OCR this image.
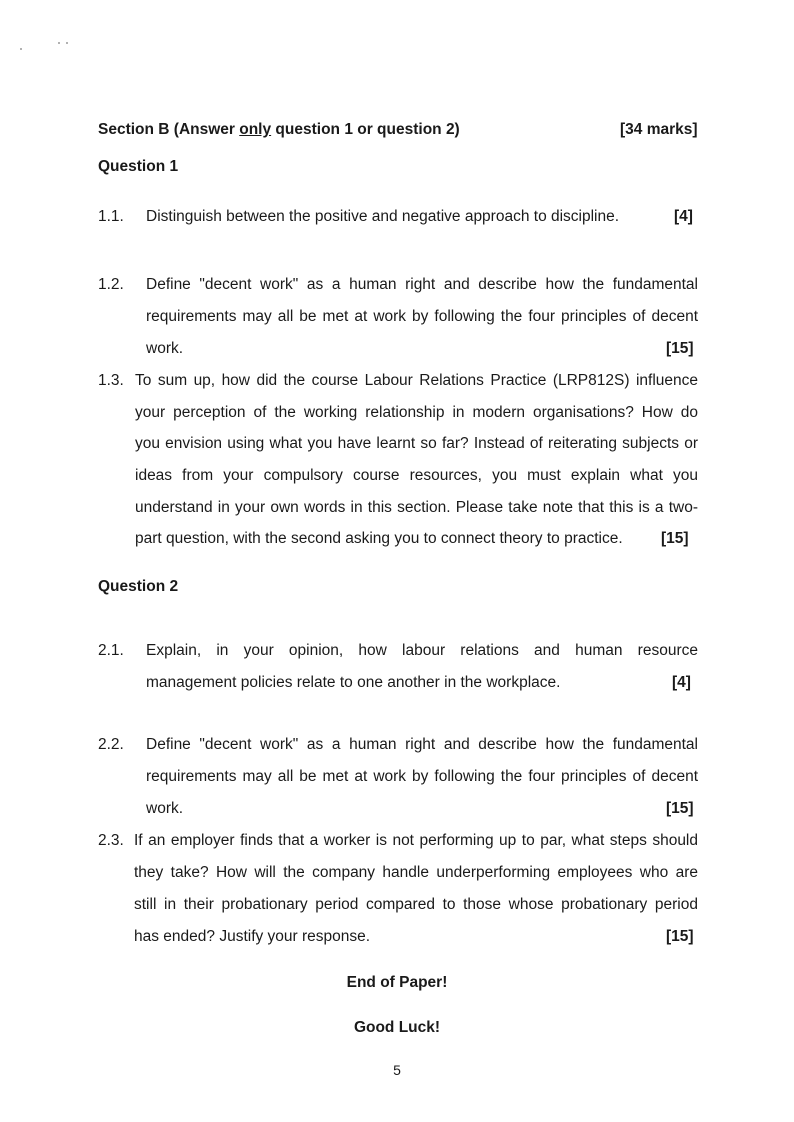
Section B (Answer only question 1 or question 2)	[34 marks]
Question 1
1.1. Distinguish between the positive and negative approach to discipline.	[4]
1.2. Define "decent work" as a human right and describe how the fundamental
requirements may all be met at work by following the four principles of decent
work.	[15]
1.3. To sum up, how did the course Labour Relations Practice (LRP812S) influence
your perception of the working relationship in modern organisations? How do
you envision using what you have learnt so far? Instead of reiterating subjects or
ideas from your compulsory course resources, you must explain what you
understand in your own words in this section. Please take note that this is a two-
part question, with the second asking you to connect theory to practice. [15]
Question 2
2.1. Explain, in your opinion, how labour relations and human resource
management policies relate to one another in the workplace.	[4]
2.2. Define "decent work" as a human right and describe how the fundamental
requirements may all be met at work by following the four principles of decent
work.	[15]
2.3. If an employer finds that a worker is not performing up to par, what steps should
they take? How will the company handle underperforming employees who are
still in their probationary period compared to those whose probationary period
has ended? Justify your response.	[15]
End of Paper!
Good Luck!
5
